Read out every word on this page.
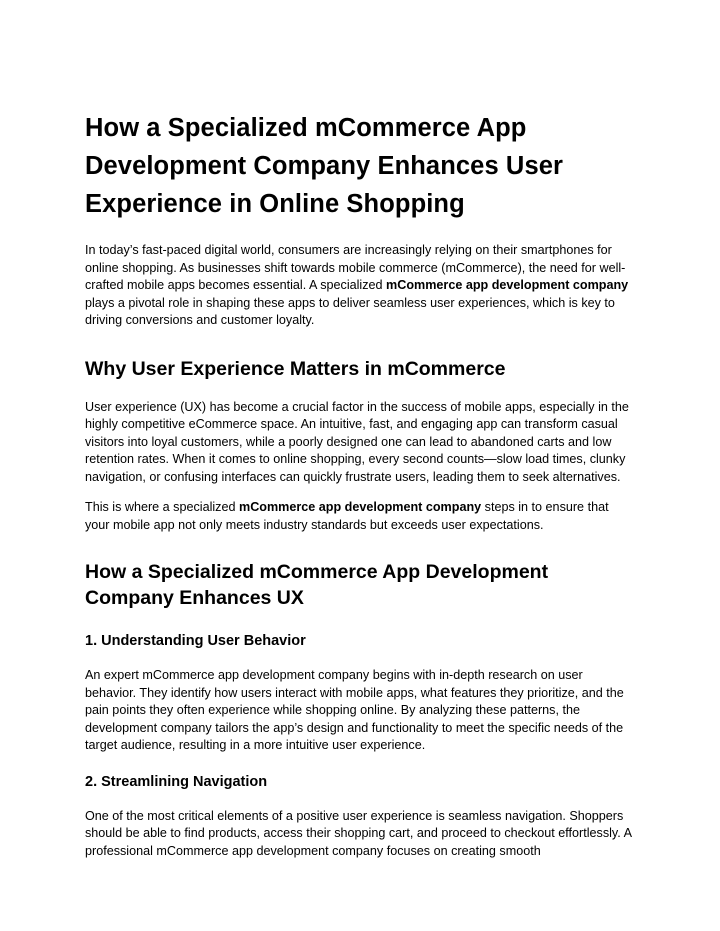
How a Specialized mCommerce App Development Company Enhances User Experience in Online Shopping

In today’s fast-paced digital world, consumers are increasingly relying on their smartphones for online shopping. As businesses shift towards mobile commerce (mCommerce), the need for well-crafted mobile apps becomes essential. A specialized mCommerce app development company plays a pivotal role in shaping these apps to deliver seamless user experiences, which is key to driving conversions and customer loyalty.

Why User Experience Matters in mCommerce

User experience (UX) has become a crucial factor in the success of mobile apps, especially in the highly competitive eCommerce space. An intuitive, fast, and engaging app can transform casual visitors into loyal customers, while a poorly designed one can lead to abandoned carts and low retention rates. When it comes to online shopping, every second counts—slow load times, clunky navigation, or confusing interfaces can quickly frustrate users, leading them to seek alternatives.

This is where a specialized mCommerce app development company steps in to ensure that your mobile app not only meets industry standards but exceeds user expectations.

How a Specialized mCommerce App Development Company Enhances UX
1. Understanding User Behavior

An expert mCommerce app development company begins with in-depth research on user behavior. They identify how users interact with mobile apps, what features they prioritize, and the pain points they often experience while shopping online. By analyzing these patterns, the development company tailors the app’s design and functionality to meet the specific needs of the target audience, resulting in a more intuitive user experience.

2. Streamlining Navigation

One of the most critical elements of a positive user experience is seamless navigation. Shoppers should be able to find products, access their shopping cart, and proceed to checkout effortlessly. A professional mCommerce app development company focuses on creating smooth
